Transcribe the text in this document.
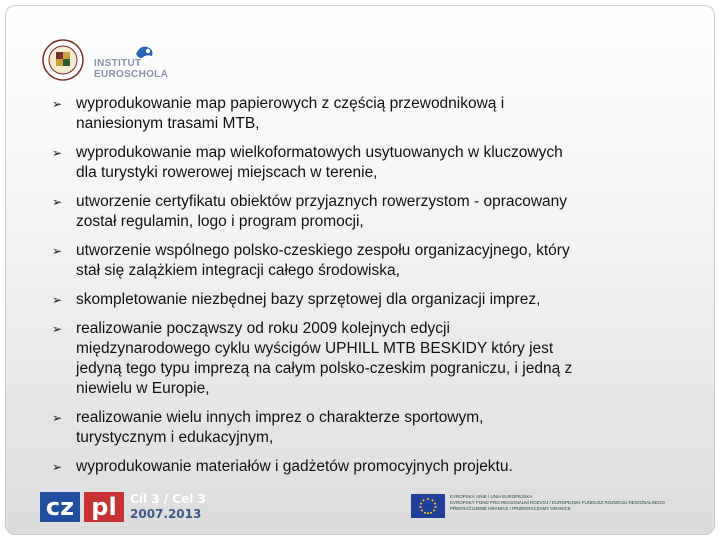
INSTITUT
EUROSCHOLA
➢ wyprodukowanie map papierowych z częścią przewodnikową i
naniesionym trasami MTB,
➢ wyprodukowanie map wielkoformatowych usytuowanych w kluczowych
dla turystyki rowerowej miejscach w terenie,
➢ utworzenie certyfikatu obiektów przyjaznych rowerzystom - opracowany
został regulamin, logo i program promocji,
➢ utworzenie wspólnego polsko-czeskiego zespołu organizacyjnego, który
stał się zalążkiem integracji całego środowiska,
➢ skompletowanie niezbędnej bazy sprzętowej dla organizacji imprez,
➢ realizowanie począwszy od roku 2009 kolejnych edycji
międzynarodowego cyklu wyścigów UPHILL MTB BESKIDY który jest
jedyną tego typu imprezą na całym polsko-czeskim pograniczu, i jedną z
niewielu w Europie,
➢ realizowanie wielu innych imprez o charakterze sportowym,
turystycznym i edukacyjnym,
➢ wyprodukowanie materiałów i gadżetów promocyjnych projektu.
cz pl	Cíl 3 / Cel 3
2007.2013
EVROPSKÁ UNIE / UNIA EUROPEJSKA
EVROPSKÝ FOND PRO REGIONÁLNÍ ROZVOJ / EUROPEJSKI FUNDUSZ ROZWOJU REGIONALNEGO
PŘEKRAČUJEME HRANICE / PRZEKRACZAMY GRANICE
